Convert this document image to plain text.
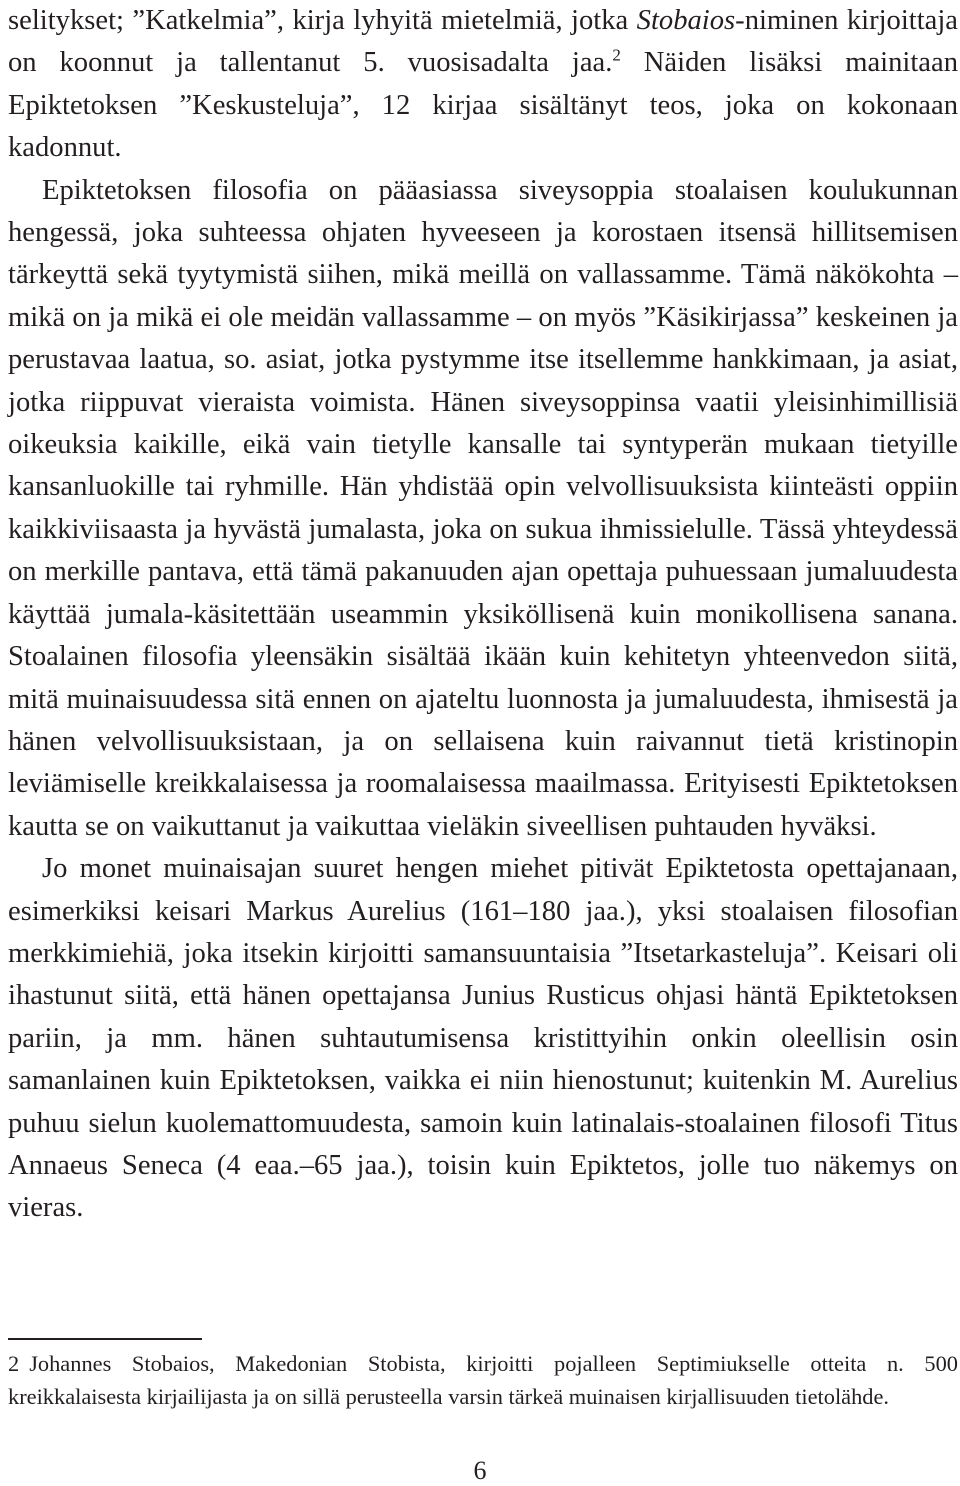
selitykset; ”Katkelmia”, kirja lyhyitä mietelmiä, jotka Stobaios-niminen kirjoittaja on koonnut ja tallentanut 5. vuosisadalta jaa.$^2$ Näiden lisäksi mainitaan Epiktetoksen ”Keskusteluja”, 12 kirjaa sisältänyt teos, joka on kokonaan kadonnut.

Epiktetoksen filosofia on pääasiassa siveysoppia stoalaisen koulukunnan hengessä, joka suhteessa ohjaten hyveeseen ja korostaen itsensä hillitsemisen tärkeyttä sekä tyytymistä siihen, mikä meillä on vallassamme. Tämä näkökohta – mikä on ja mikä ei ole meidän vallassamme – on myös ”Käsikirjassa” keskeinen ja perustavaa laatua, so. asiat, jotka pystymme itse itsellemme hankkimaan, ja asiat, jotka riippuvat vieraista voimista. Hänen siveysoppinsa vaatii yleisinhimillisiä oikeuksia kaikille, eikä vain tietylle kansalle tai syntyperän mukaan tietyille kansanluokille tai ryhmille. Hän yhdistää opin velvollisuuksista kiinteästi oppiin kaikkiviisaasta ja hyvästä jumalasta, joka on sukua ihmissielulle. Tässä yhteydessä on merkille pantava, että tämä pakanuuden ajan opettaja puhuessaan jumaluudesta käyttää jumala-käsitettään useammin yksiköllisenä kuin monikollisena sanana. Stoalainen filosofia yleensäkin sisältää ikään kuin kehitetyn yhteenvedon siitä, mitä muinaisuudessa sitä ennen on ajateltu luonnosta ja jumaluudesta, ihmisestä ja hänen velvollisuuksistaan, ja on sellaisena kuin raivannut tietä kristinopin leviämiselle kreikkalaisessa ja roomalaisessa maailmassa. Erityisesti Epiktetoksen kautta se on vaikuttanut ja vaikuttaa vieläkin siveellisen puhtauden hyväksi.

Jo monet muinaisajan suuret hengen miehet pitivät Epiktetosta opettajanaan, esimerkiksi keisari Markus Aurelius (161–180 jaa.), yksi stoalaisen filosofian merkkimiehiä, joka itsekin kirjoitti samansuuntaisia ”Itsetarkasteluja”. Keisari oli ihastunut siitä, että hänen opettajansa Junius Rusticus ohjasi häntä Epiktetoksen pariin, ja mm. hänen suhtautumisensa kristittyihin onkin oleellisin osin samanlainen kuin Epiktetoksen, vaikka ei niin hienostunut; kuitenkin M. Aurelius puhuu sielun kuolemattomuudesta, samoin kuin latinalais-stoalainen filosofi Titus Annaeus Seneca (4 eaa.–65 jaa.), toisin kuin Epiktetos, jolle tuo näkemys on vieras.

2 Johannes Stobaios, Makedonian Stobista, kirjoitti pojalleen Septimiukselle otteita n. 500 kreikkalaisesta kirjailijasta ja on sillä perusteella varsin tärkeä muinaisen kirjallisuuden tietolähde.

6
